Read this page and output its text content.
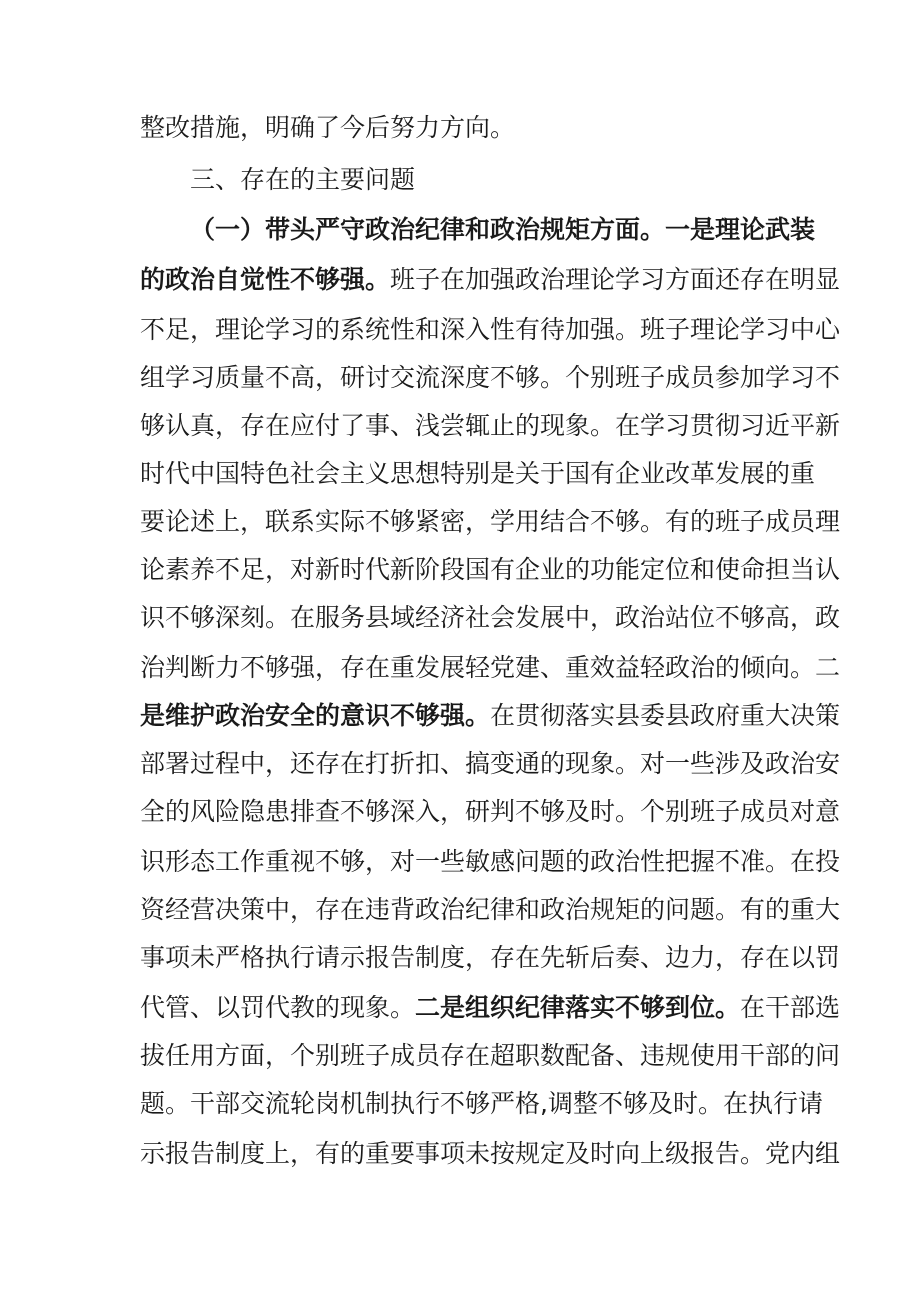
整改措施，明确了今后努力方向。
三、存在的主要问题
（一）带头严守政治纪律和政治规矩方面。一是理论武装
的政治自觉性不够强。班子在加强政治理论学习方面还存在明显
不足，理论学习的系统性和深入性有待加强。班子理论学习中心
组学习质量不高，研讨交流深度不够。个别班子成员参加学习不
够认真，存在应付了事、浅尝辄止的现象。在学习贯彻习近平新
时代中国特色社会主义思想特别是关于国有企业改革发展的重
要论述上，联系实际不够紧密，学用结合不够。有的班子成员理
论素养不足，对新时代新阶段国有企业的功能定位和使命担当认
识不够深刻。在服务县域经济社会发展中，政治站位不够高，政
治判断力不够强，存在重发展轻党建、重效益轻政治的倾向。二
是维护政治安全的意识不够强。在贯彻落实县委县政府重大决策
部署过程中，还存在打折扣、搞变通的现象。对一些涉及政治安
全的风险隐患排查不够深入，研判不够及时。个别班子成员对意
识形态工作重视不够，对一些敏感问题的政治性把握不准。在投
资经营决策中，存在违背政治纪律和政治规矩的问题。有的重大
事项未严格执行请示报告制度，存在先斩后奏、边力，存在以罚
代管、以罚代教的现象。二是组织纪律落实不够到位。在干部选
拔任用方面，个别班子成员存在超职数配备、违规使用干部的问
题。干部交流轮岗机制执行不够严格,调整不够及时。在执行请
示报告制度上，有的重要事项未按规定及时向上级报告。党内组
